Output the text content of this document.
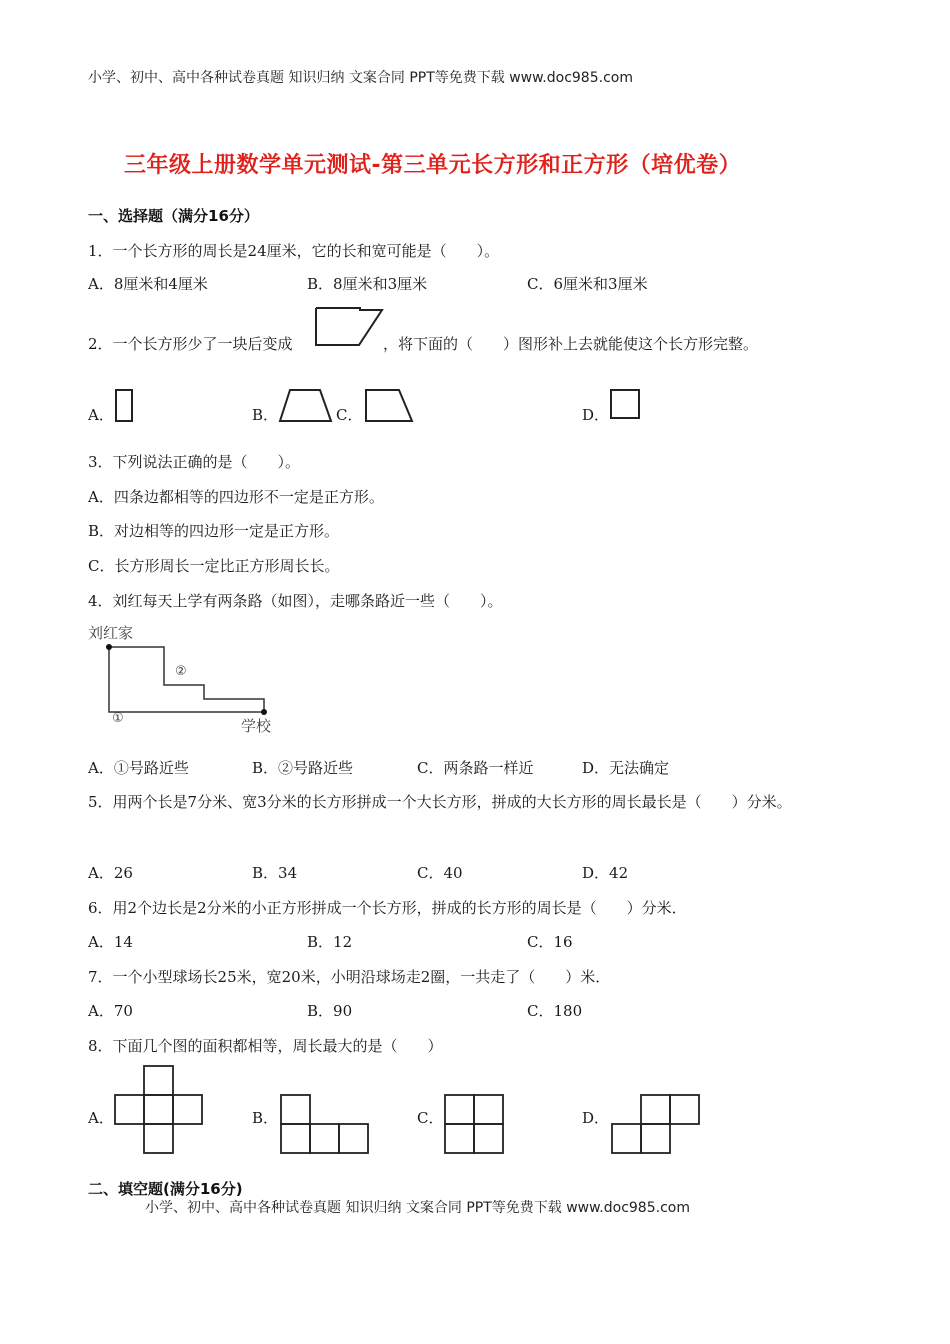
小学、初中、高中各种试卷真题 知识归纳 文案合同 PPT等免费下载 www.doc985.com
三年级上册数学单元测试-第三单元长方形和正方形（培优卷）
一、选择题（满分16分）
1．一个长方形的周长是24厘米，它的长和宽可能是（　　）。
A．8厘米和4厘米	B．8厘米和3厘米	C．6厘米和3厘米
2．一个长方形少了一块后变成	，将下面的（　　）图形补上去就能使这个长方形完整。
A．	B．	C．	D．
3．下列说法正确的是（　　）。
A．四条边都相等的四边形不一定是正方形。
B．对边相等的四边形一定是正方形。
C．长方形周长一定比正方形周长长。
4．刘红每天上学有两条路（如图），走哪条路近一些（　　）。
刘红家
②
①	学校
A．①号路近些	B．②号路近些	C．两条路一样近	D．无法确定
5．用两个长是7分米、宽3分米的长方形拼成一个大长方形，拼成的大长方形的周长最长是（　　）分米。
A．26	B．34	C．40	D．42
6．用2个边长是2分米的小正方形拼成一个长方形，拼成的长方形的周长是（　　）分米．
A．14	B．12	C．16
7．一个小型球场长25米，宽20米，小明沿球场走2圈，一共走了（　　）米．
A．70	B．90	C．180
8．下面几个图的面积都相等，周长最大的是（　　）
A．	B．	C．	D．
二、填空题(满分16分)
小学、初中、高中各种试卷真题 知识归纳 文案合同 PPT等免费下载 www.doc985.com
